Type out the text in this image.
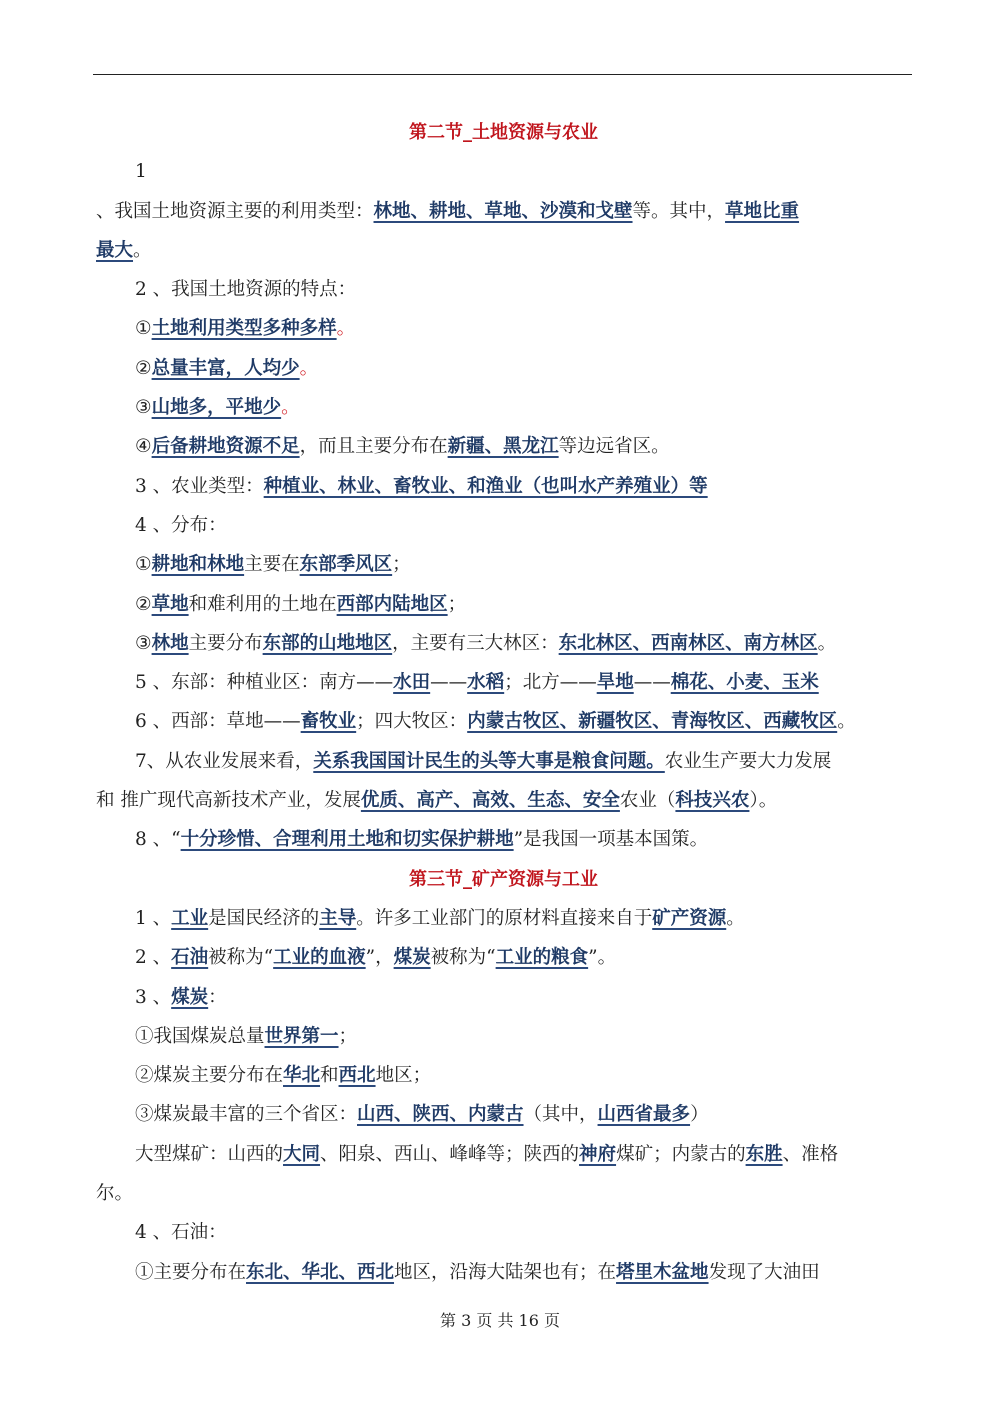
第二节_土地资源与农业
1
、我国土地资源主要的利用类型：林地、耕地、草地、沙漠和戈壁等。其中，草地比重
最大。
2 、我国土地资源的特点：
①土地利用类型多种多样。
②总量丰富，人均少。
③山地多，平地少。
④后备耕地资源不足，而且主要分布在新疆、黑龙江等边远省区。
3 、农业类型：种植业、林业、畜牧业、和渔业（也叫水产养殖业）等
4 、分布：
①耕地和林地主要在东部季风区；
②草地和难利用的土地在西部内陆地区；
③林地主要分布东部的山地地区，主要有三大林区：东北林区、西南林区、南方林区。
5 、东部：种植业区：南方——水田——水稻；北方——旱地——棉花、小麦、玉米
6 、西部：草地——畜牧业；四大牧区：内蒙古牧区、新疆牧区、青海牧区、西藏牧区。
7、从农业发展来看，关系我国国计民生的头等大事是粮食问题。农业生产要大力发展
和 推广现代高新技术产业，发展优质、高产、高效、生态、安全农业（科技兴农）。
8 、“十分珍惜、合理利用土地和切实保护耕地”是我国一项基本国策。
第三节_矿产资源与工业
1 、工业是国民经济的主导。许多工业部门的原材料直接来自于矿产资源。
2 、石油被称为“工业的血液”，煤炭被称为“工业的粮食”。
3 、煤炭：
①我国煤炭总量世界第一；
②煤炭主要分布在华北和西北地区；
③煤炭最丰富的三个省区：山西、陕西、内蒙古（其中，山西省最多）
大型煤矿：山西的大同、阳泉、西山、峰峰等；陕西的神府煤矿；内蒙古的东胜、准格
尔。
4 、石油：
①主要分布在东北、华北、西北地区，沿海大陆架也有；在塔里木盆地发现了大油田
第 3 页 共 16 页
